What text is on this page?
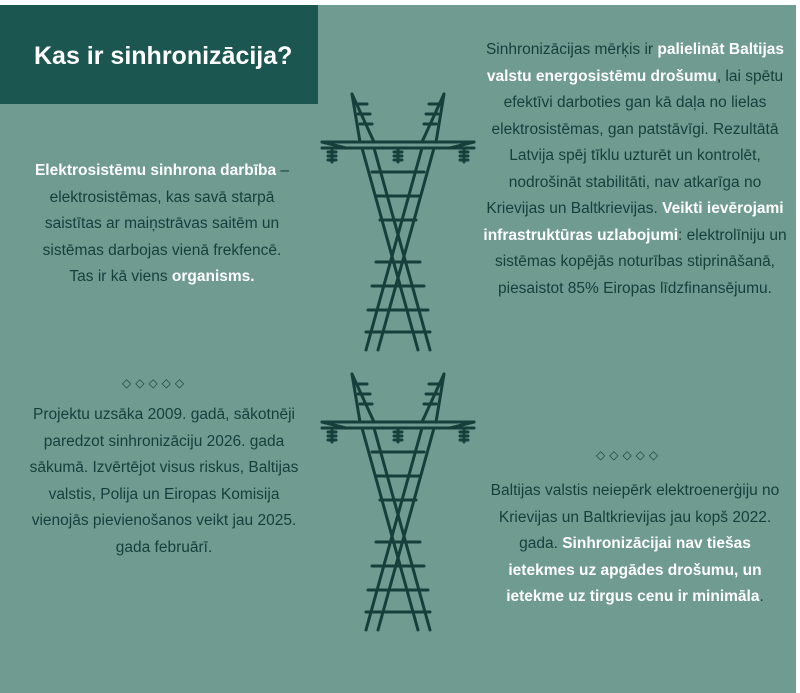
Kas ir sinhronizācija?
Elektrosistēmu sinhrona darbība – elektrosistēmas, kas savā starpā saistītas ar maiņstrāvas saitēm un sistēmas darbojas vienā frekfencē. Tas ir kā viens organisms.
◇◇◇◇◇
Projektu uzsāka 2009. gadā, sākotnēji paredzot sinhronizāciju 2026. gada sākumā. Izvērtējot visus riskus, Baltijas valstis, Polija un Eiropas Komisija vienojās pievienošanos veikt jau 2025. gada februārī.
Sinhronizācijas mērķis ir palielināt Baltijas valstu energosistēmu drošumu, lai spētu efektīvi darboties gan kā daļa no lielas elektrosistēmas, gan patstāvīgi. Rezultātā Latvija spēj tīklu uzturēt un kontrolēt, nodrošināt stabilitāti, nav atkarīga no Krievijas un Baltkrievijas. Veikti ievērojami infrastruktūras uzlabojumi: elektrolīniju un sistēmas kopējās noturības stiprināšanā, piesaistot 85% Eiropas līdzfinansējumu.
◇◇◇◇◇
Baltijas valstis neiepērk elektroenerģiju no Krievijas un Baltkrievijas jau kopš 2022. gada. Sinhronizācijai nav tiešas ietekmes uz apgādes drošumu, un ietekme uz tirgus cenu ir minimāla.
